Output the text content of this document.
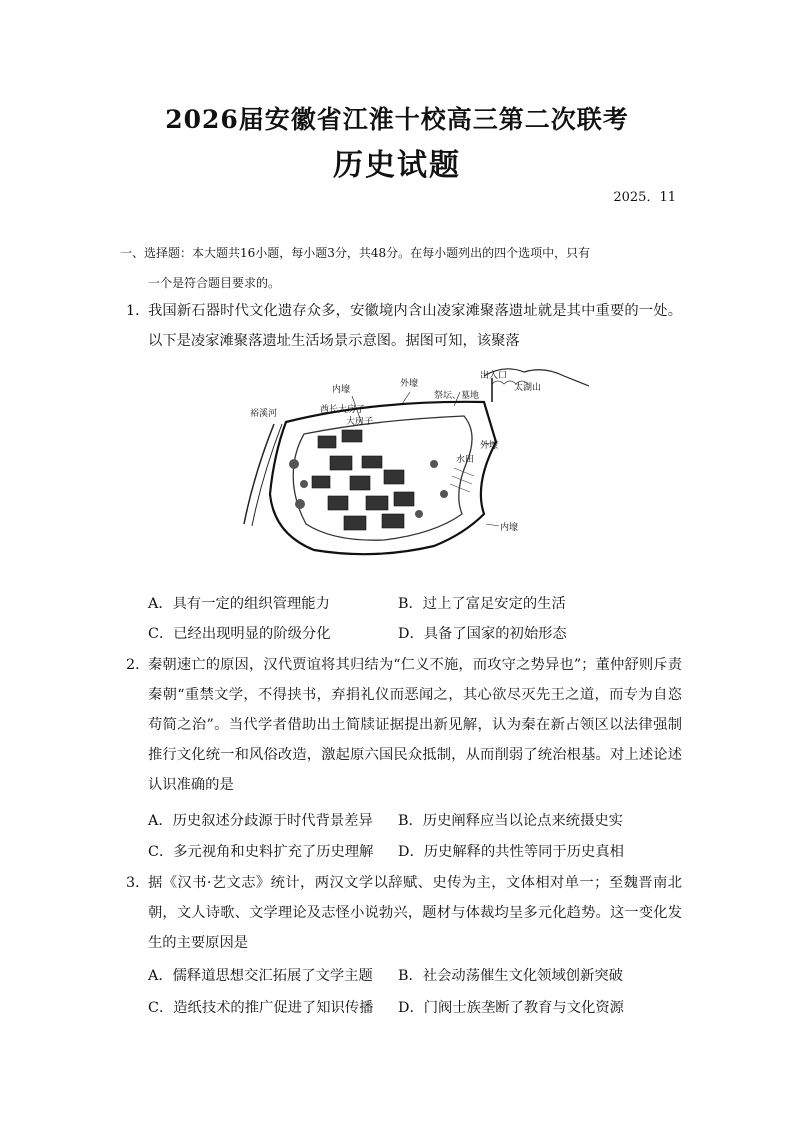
2026届安徽省江淮十校高三第二次联考
历史试题
2025．11
一、选择题：本大题共16小题，每小题3分，共48分。在每小题列出的四个选项中，只有
一个是符合题目要求的。
1．
我国新石器时代文化遗存众多，安徽境内含山凌家滩聚落遗址就是其中重要的一处。以下是凌家滩聚落遗址生活场景示意图。据图可知，该聚落
内壕
外壕
出入口
太湖山
祭坛、墓地
裕溪河	酋长大房子
大房子
外壕
水田
内壕
A．具有一定的组织管理能力	B．过上了富足安定的生活
C．已经出现明显的阶级分化	D．具备了国家的初始形态
2．
秦朝速亡的原因，汉代贾谊将其归结为“仁义不施，而攻守之势异也”；董仲舒则斥责秦朝“重禁文学，不得挟书，弃捐礼仪而恶闻之，其心欲尽灭先王之道，而专为自恣苟简之治”。当代学者借助出土简牍证据提出新见解，认为秦在新占领区以法律强制推行文化统一和风俗改造，激起原六国民众抵制，从而削弱了统治根基。对上述论述认识准确的是
A．历史叙述分歧源于时代背景差异 B．历史阐释应当以论点来统摄史实
C．多元视角和史料扩充了历史理解 D．历史解释的共性等同于历史真相
3．
据《汉书·艺文志》统计，两汉文学以辞赋、史传为主，文体相对单一；至魏晋南北朝，文人诗歌、文学理论及志怪小说勃兴，题材与体裁均呈多元化趋势。这一变化发生的主要原因是
A．儒释道思想交汇拓展了文学主题 B．社会动荡催生文化领域创新突破
C．造纸技术的推广促进了知识传播 D．门阀士族垄断了教育与文化资源
